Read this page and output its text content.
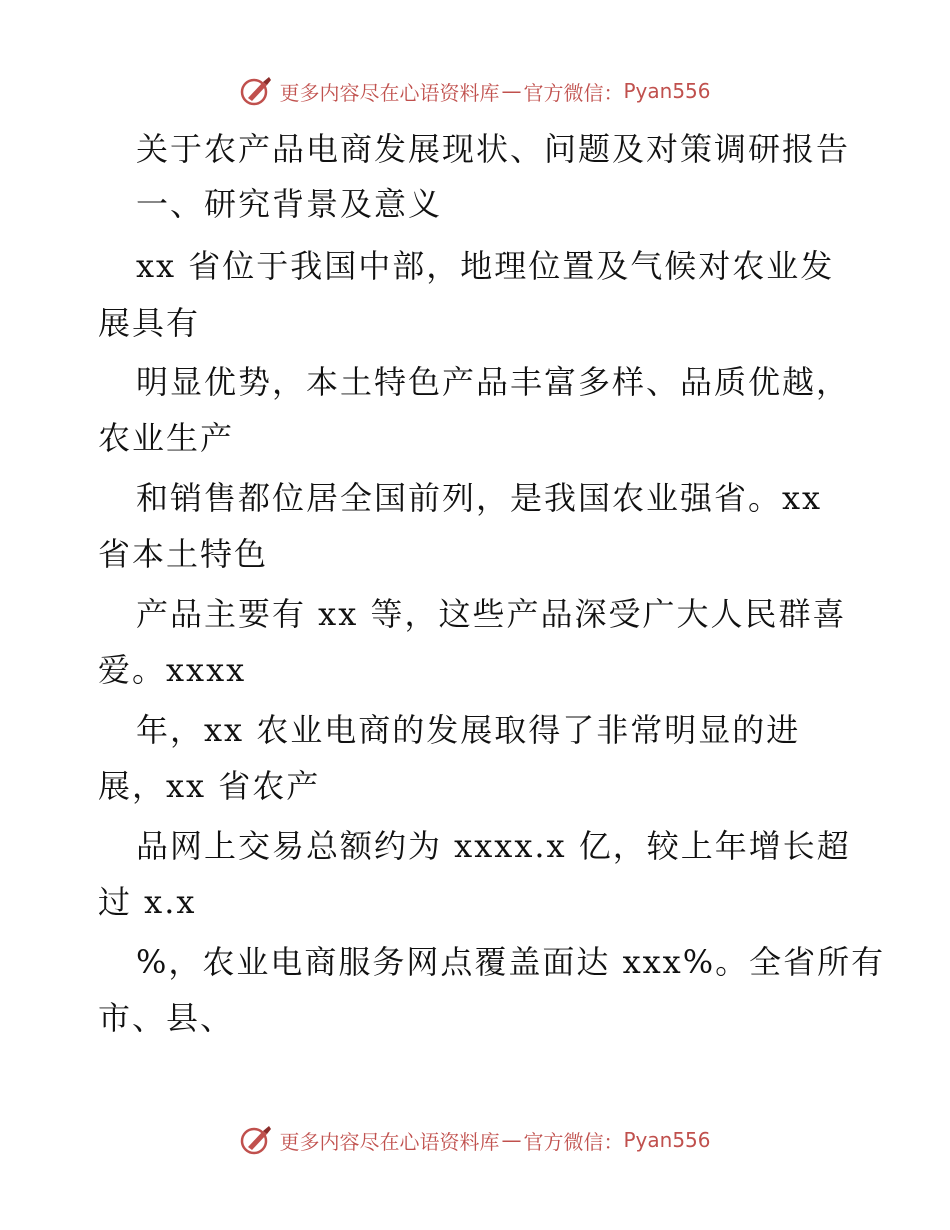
更多内容尽在心语资料库 — 官方微信： Pyan556
关于农产品电商发展现状、问题及对策调研报告
一、研究背景及意义
xx 省位于我国中部，地理位置及气候对农业发
展具有
明显优势，本土特色产品丰富多样、品质优越，
农业生产
和销售都位居全国前列，是我国农业强省。xx
省本土特色
产品主要有 xx 等，这些产品深受广大人民群喜
爱。xxxx
年，xx 农业电商的发展取得了非常明显的进
展，xx 省农产
品网上交易总额约为 xxxx.x 亿，较上年增长超
过 x.x
%，农业电商服务网点覆盖面达 xxx%。全省所有
市、县、
更多内容尽在心语资料库 — 官方微信： Pyan556
